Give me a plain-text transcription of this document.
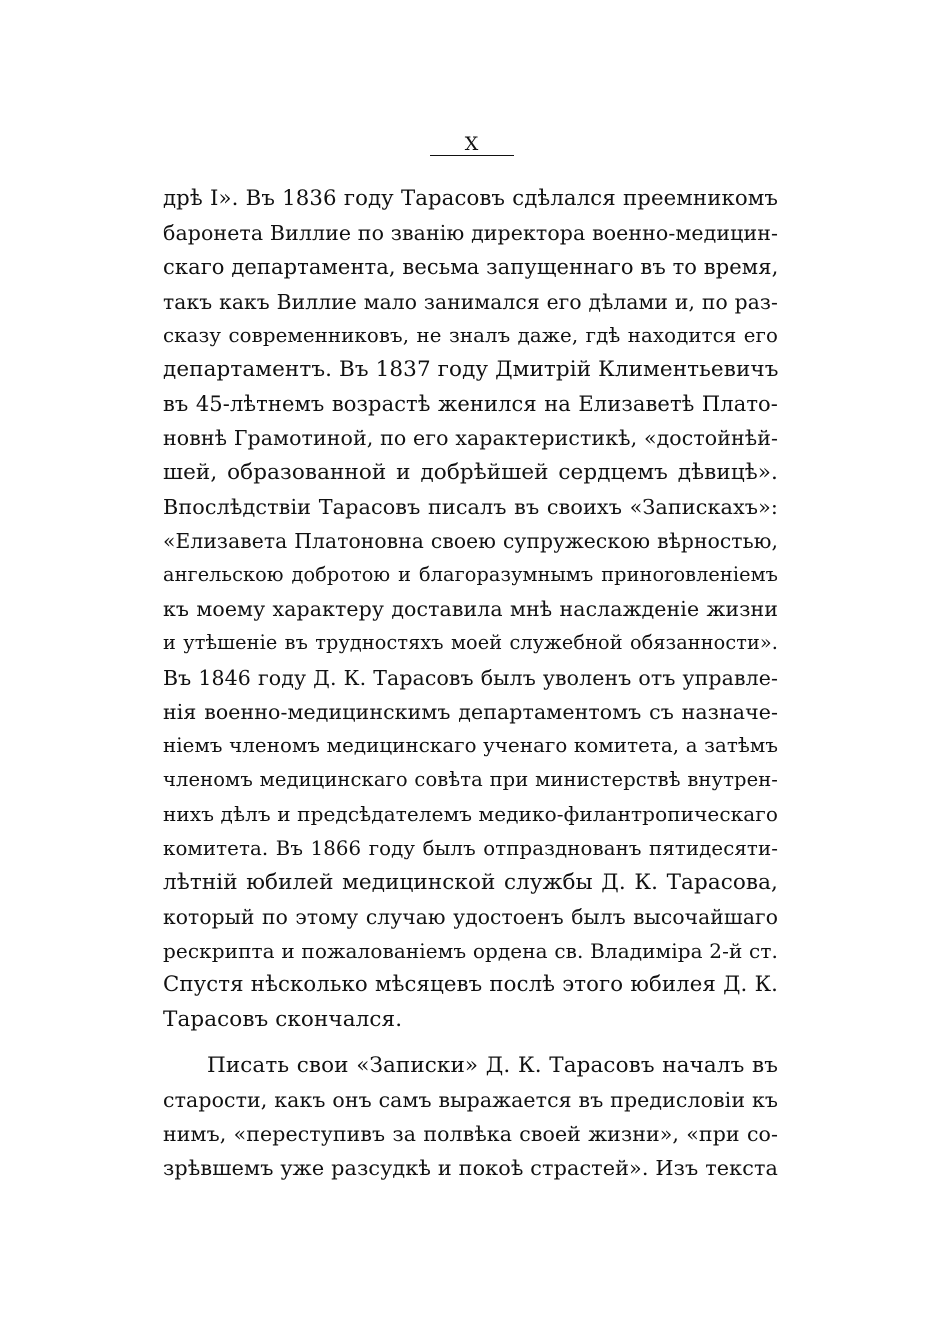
X
дрѣ I». Въ 1836 году Тарасовъ сдѣлался преемникомъ
баронета Виллие по званію директора военно-медицин-
скаго департамента, весьма запущеннаго въ то время,
такъ какъ Виллие мало занимался его дѣлами и, по раз-
сказу современниковъ, не зналъ даже, гдѣ находится его
департаментъ. Въ 1837 году Дмитрій Климентьевичъ
въ 45-лѣтнемъ возрастѣ женился на Елизаветѣ Плато-
новнѣ Грамотиной, по его характеристикѣ, «достойнѣй-
шей, образованной и добрѣйшей сердцемъ дѣвицѣ».
Впослѣдствіи Тарасовъ писалъ въ своихъ «Запискахъ»:
«Елизавета Платоновна своею супружескою вѣрностью,
ангельскою добротою и благоразумнымъ принorовленіемъ
къ моему характеру доставила мнѣ наслажденіе жизни
и утѣшеніе въ трудностяхъ моей служебной обязанности».
Въ 1846 году Д. К. Тарасовъ былъ уволенъ отъ управле-
нія военно-медицинскимъ департаментомъ съ назначе-
ніемъ членомъ медицинскаго ученаго комитета, а затѣмъ
членомъ медицинскаго совѣта при министерствѣ внутрен-
нихъ дѣлъ и предсѣдателемъ медико-филантропическаго
комитета. Въ 1866 году былъ отпразднованъ пятидесяти-
лѣтній юбилей медицинской службы Д. К. Тарасова,
который по этому случаю удостоенъ былъ высочайшаго
рескрипта и пожалованіемъ ордена св. Владиміра 2-й ст.
Спустя нѣсколько мѣсяцевъ послѣ этого юбилея Д. К.
Тарасовъ скончался.
Писать свои «Записки» Д. К. Тарасовъ началъ въ
старости, какъ онъ самъ выражается въ предисловіи къ
нимъ, «переступивъ за полвѣка своей жизни», «при со-
зрѣвшемъ уже разсудкѣ и покоѣ страстей». Изъ текста
